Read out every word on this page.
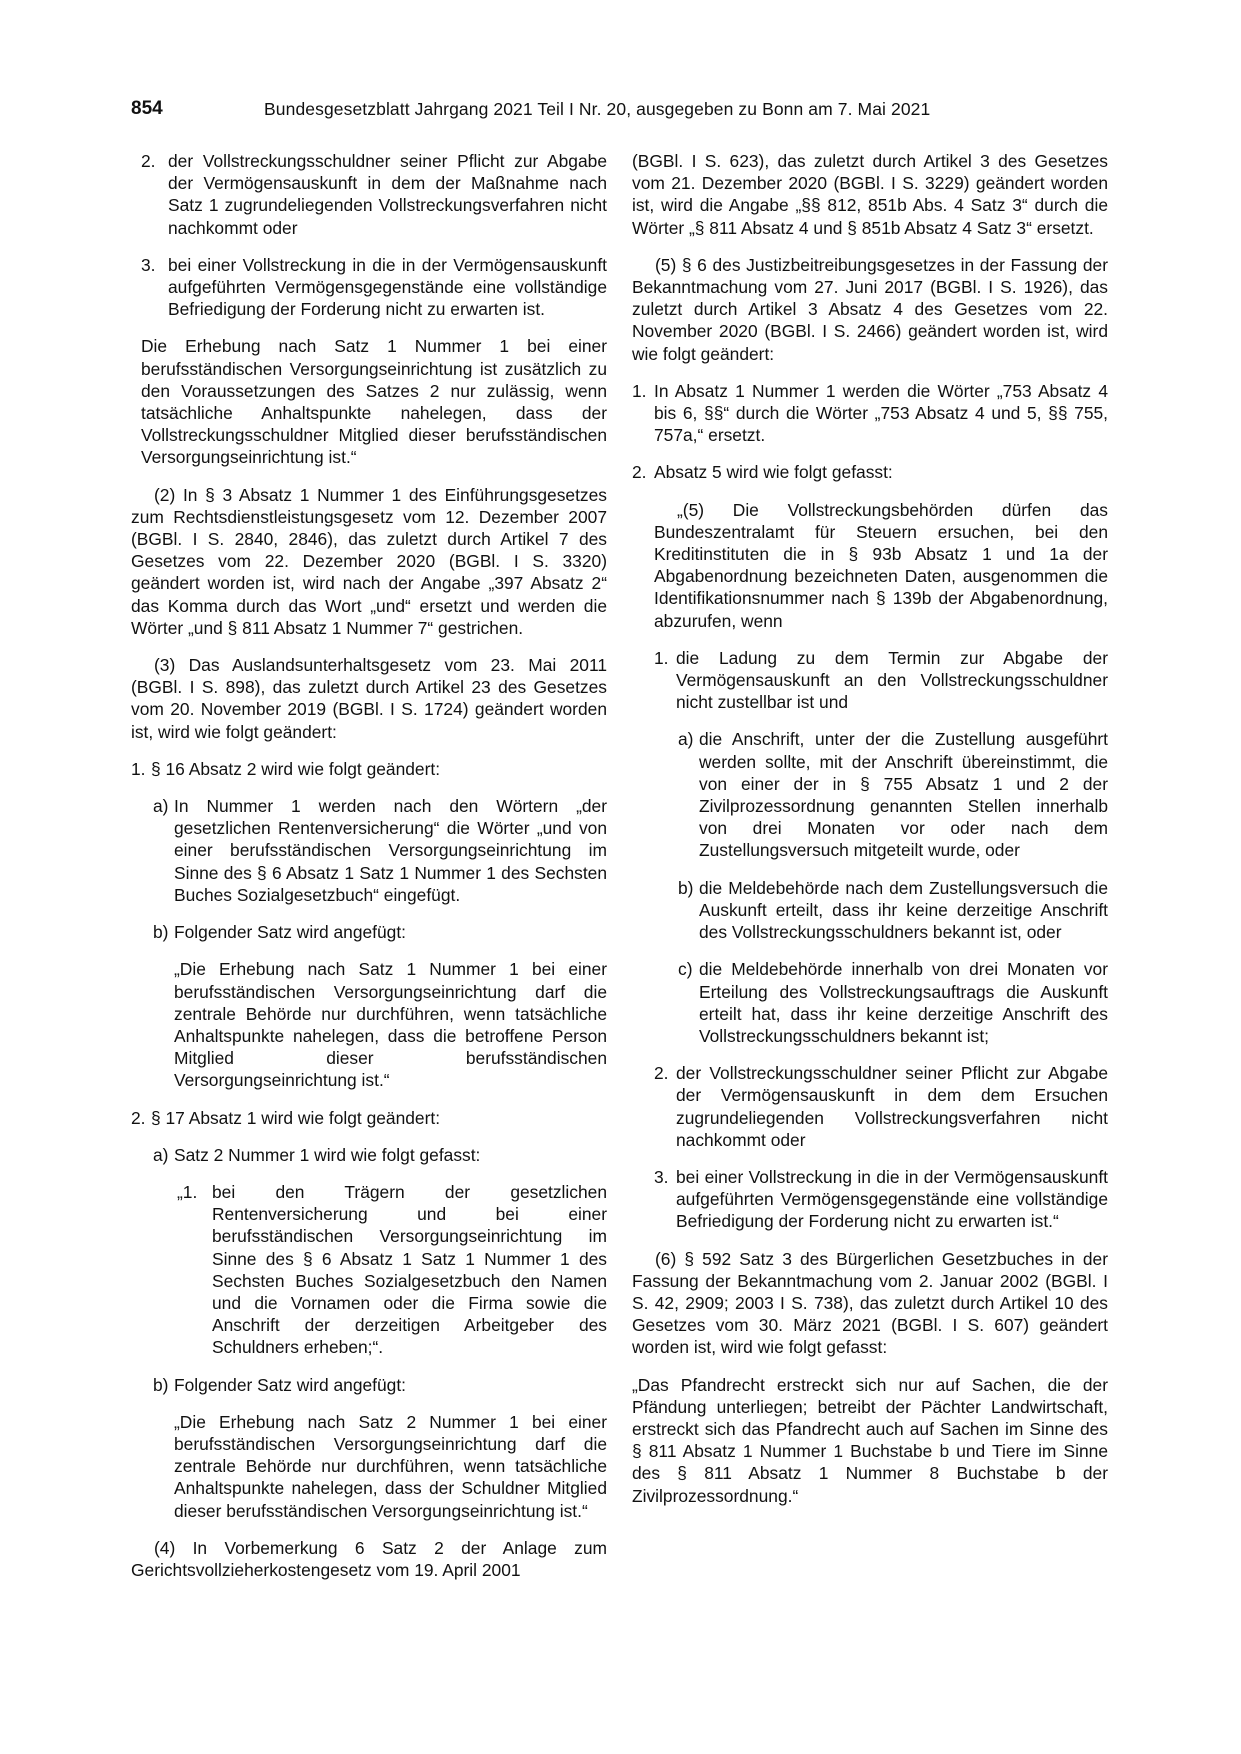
854	Bundesgesetzblatt Jahrgang 2021 Teil I Nr. 20, ausgegeben zu Bonn am 7. Mai 2021
2. der Vollstreckungsschuldner seiner Pflicht zur Abgabe der Vermögensauskunft in dem der Maßnahme nach Satz 1 zugrundeliegenden Vollstreckungsverfahren nicht nachkommt oder

3. bei einer Vollstreckung in die in der Vermögensauskunft aufgeführten Vermögensgegenstände eine vollständige Befriedigung der Forderung nicht zu erwarten ist.

Die Erhebung nach Satz 1 Nummer 1 bei einer berufsständischen Versorgungseinrichtung ist zusätzlich zu den Voraussetzungen des Satzes 2 nur zulässig, wenn tatsächliche Anhaltspunkte nahelegen, dass der Vollstreckungsschuldner Mitglied dieser berufsständischen Versorgungseinrichtung ist.“

(2) In § 3 Absatz 1 Nummer 1 des Einführungsgesetzes zum Rechtsdienstleistungsgesetz vom 12. Dezember 2007 (BGBl. I S. 2840, 2846), das zuletzt durch Artikel 7 des Gesetzes vom 22. Dezember 2020 (BGBl. I S. 3320) geändert worden ist, wird nach der Angabe „397 Absatz 2“ das Komma durch das Wort „und“ ersetzt und werden die Wörter „und § 811 Absatz 1 Nummer 7“ gestrichen.

(3) Das Auslandsunterhaltsgesetz vom 23. Mai 2011 (BGBl. I S. 898), das zuletzt durch Artikel 23 des Gesetzes vom 20. November 2019 (BGBl. I S. 1724) geändert worden ist, wird wie folgt geändert:

1. § 16 Absatz 2 wird wie folgt geändert:

a) In Nummer 1 werden nach den Wörtern „der gesetzlichen Rentenversicherung“ die Wörter „und von einer berufsständischen Versorgungseinrichtung im Sinne des § 6 Absatz 1 Satz 1 Nummer 1 des Sechsten Buches Sozialgesetzbuch“ eingefügt.

b) Folgender Satz wird angefügt:

„Die Erhebung nach Satz 1 Nummer 1 bei einer berufsständischen Versorgungseinrichtung darf die zentrale Behörde nur durchführen, wenn tatsächliche Anhaltspunkte nahelegen, dass die betroffene Person Mitglied dieser berufsständischen Versorgungseinrichtung ist.“

2. § 17 Absatz 1 wird wie folgt geändert:

a) Satz 2 Nummer 1 wird wie folgt gefasst:

„1. bei den Trägern der gesetzlichen Rentenversicherung und bei einer berufsständischen Versorgungseinrichtung im Sinne des § 6 Absatz 1 Satz 1 Nummer 1 des Sechsten Buches Sozialgesetzbuch den Namen und die Vornamen oder die Firma sowie die Anschrift der derzeitigen Arbeitgeber des Schuldners erheben;“.

b) Folgender Satz wird angefügt:

„Die Erhebung nach Satz 2 Nummer 1 bei einer berufsständischen Versorgungseinrichtung darf die zentrale Behörde nur durchführen, wenn tatsächliche Anhaltspunkte nahelegen, dass der Schuldner Mitglied dieser berufsständischen Versorgungseinrichtung ist.“

(4) In Vorbemerkung 6 Satz 2 der Anlage zum Gerichtsvollzieherkostengesetz vom 19. April 2001

(BGBl. I S. 623), das zuletzt durch Artikel 3 des Gesetzes vom 21. Dezember 2020 (BGBl. I S. 3229) geändert worden ist, wird die Angabe „§§ 812, 851b Abs. 4 Satz 3“ durch die Wörter „§ 811 Absatz 4 und § 851b Absatz 4 Satz 3“ ersetzt.

(5) § 6 des Justizbeitreibungsgesetzes in der Fassung der Bekanntmachung vom 27. Juni 2017 (BGBl. I S. 1926), das zuletzt durch Artikel 3 Absatz 4 des Gesetzes vom 22. November 2020 (BGBl. I S. 2466) geändert worden ist, wird wie folgt geändert:

1. In Absatz 1 Nummer 1 werden die Wörter „753 Absatz 4 bis 6, §§“ durch die Wörter „753 Absatz 4 und 5, §§ 755, 757a,“ ersetzt.

2. Absatz 5 wird wie folgt gefasst:

„(5) Die Vollstreckungsbehörden dürfen das Bundeszentralamt für Steuern ersuchen, bei den Kreditinstituten die in § 93b Absatz 1 und 1a der Abgabenordnung bezeichneten Daten, ausgenommen die Identifikationsnummer nach § 139b der Abgabenordnung, abzurufen, wenn

1. die Ladung zu dem Termin zur Abgabe der Vermögensauskunft an den Vollstreckungsschuldner nicht zustellbar ist und

a) die Anschrift, unter der die Zustellung ausgeführt werden sollte, mit der Anschrift übereinstimmt, die von einer der in § 755 Absatz 1 und 2 der Zivilprozessordnung genannten Stellen innerhalb von drei Monaten vor oder nach dem Zustellungsversuch mitgeteilt wurde, oder

b) die Meldebehörde nach dem Zustellungsversuch die Auskunft erteilt, dass ihr keine derzeitige Anschrift des Vollstreckungsschuldners bekannt ist, oder

c) die Meldebehörde innerhalb von drei Monaten vor Erteilung des Vollstreckungsauftrags die Auskunft erteilt hat, dass ihr keine derzeitige Anschrift des Vollstreckungsschuldners bekannt ist;

2. der Vollstreckungsschuldner seiner Pflicht zur Abgabe der Vermögensauskunft in dem dem Ersuchen zugrundeliegenden Vollstreckungsverfahren nicht nachkommt oder

3. bei einer Vollstreckung in die in der Vermögensauskunft aufgeführten Vermögensgegenstände eine vollständige Befriedigung der Forderung nicht zu erwarten ist.“

(6) § 592 Satz 3 des Bürgerlichen Gesetzbuches in der Fassung der Bekanntmachung vom 2. Januar 2002 (BGBl. I S. 42, 2909; 2003 I S. 738), das zuletzt durch Artikel 10 des Gesetzes vom 30. März 2021 (BGBl. I S. 607) geändert worden ist, wird wie folgt gefasst:

„Das Pfandrecht erstreckt sich nur auf Sachen, die der Pfändung unterliegen; betreibt der Pächter Landwirtschaft, erstreckt sich das Pfandrecht auch auf Sachen im Sinne des § 811 Absatz 1 Nummer 1 Buchstabe b und Tiere im Sinne des § 811 Absatz 1 Nummer 8 Buchstabe b der Zivilprozessordnung.“
